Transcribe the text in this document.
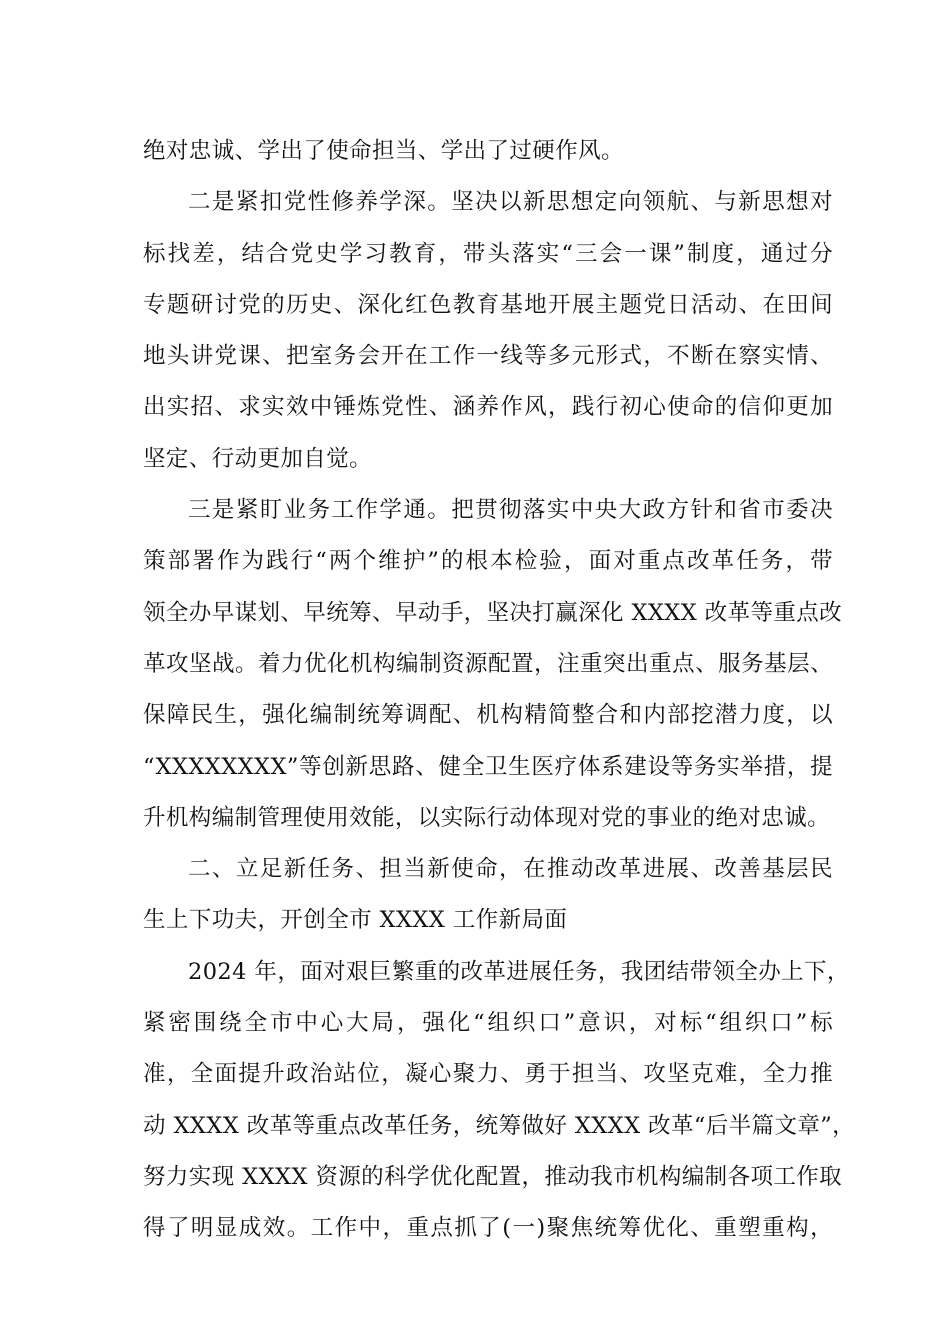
绝对忠诚、学出了使命担当、学出了过硬作风。
二是紧扣党性修养学深。坚决以新思想定向领航、与新思想对
标找差，结合党史学习教育，带头落实“三会一课”制度，通过分
专题研讨党的历史、深化红色教育基地开展主题党日活动、在田间
地头讲党课、把室务会开在工作一线等多元形式，不断在察实情、
出实招、求实效中锤炼党性、涵养作风，践行初心使命的信仰更加
坚定、行动更加自觉。
三是紧盯业务工作学通。把贯彻落实中央大政方针和省市委决
策部署作为践行“两个维护”的根本检验，面对重点改革任务，带
领全办早谋划、早统筹、早动手，坚决打赢深化 XXXX 改革等重点改
革攻坚战。着力优化机构编制资源配置，注重突出重点、服务基层、
保障民生，强化编制统筹调配、机构精简整合和内部挖潜力度，以
“XXXXXXXX”等创新思路、健全卫生医疗体系建设等务实举措，提
升机构编制管理使用效能，以实际行动体现对党的事业的绝对忠诚。
二、立足新任务、担当新使命，在推动改革进展、改善基层民
生上下功夫，开创全市 XXXX 工作新局面
2024 年，面对艰巨繁重的改革进展任务，我团结带领全办上下，
紧密围绕全市中心大局，强化“组织口”意识，对标“组织口”标
准，全面提升政治站位，凝心聚力、勇于担当、攻坚克难，全力推
动 XXXX 改革等重点改革任务，统筹做好 XXXX 改革“后半篇文章”，
努力实现 XXXX 资源的科学优化配置，推动我市机构编制各项工作取
得了明显成效。工作中，重点抓了(一)聚焦统筹优化、重塑重构，
